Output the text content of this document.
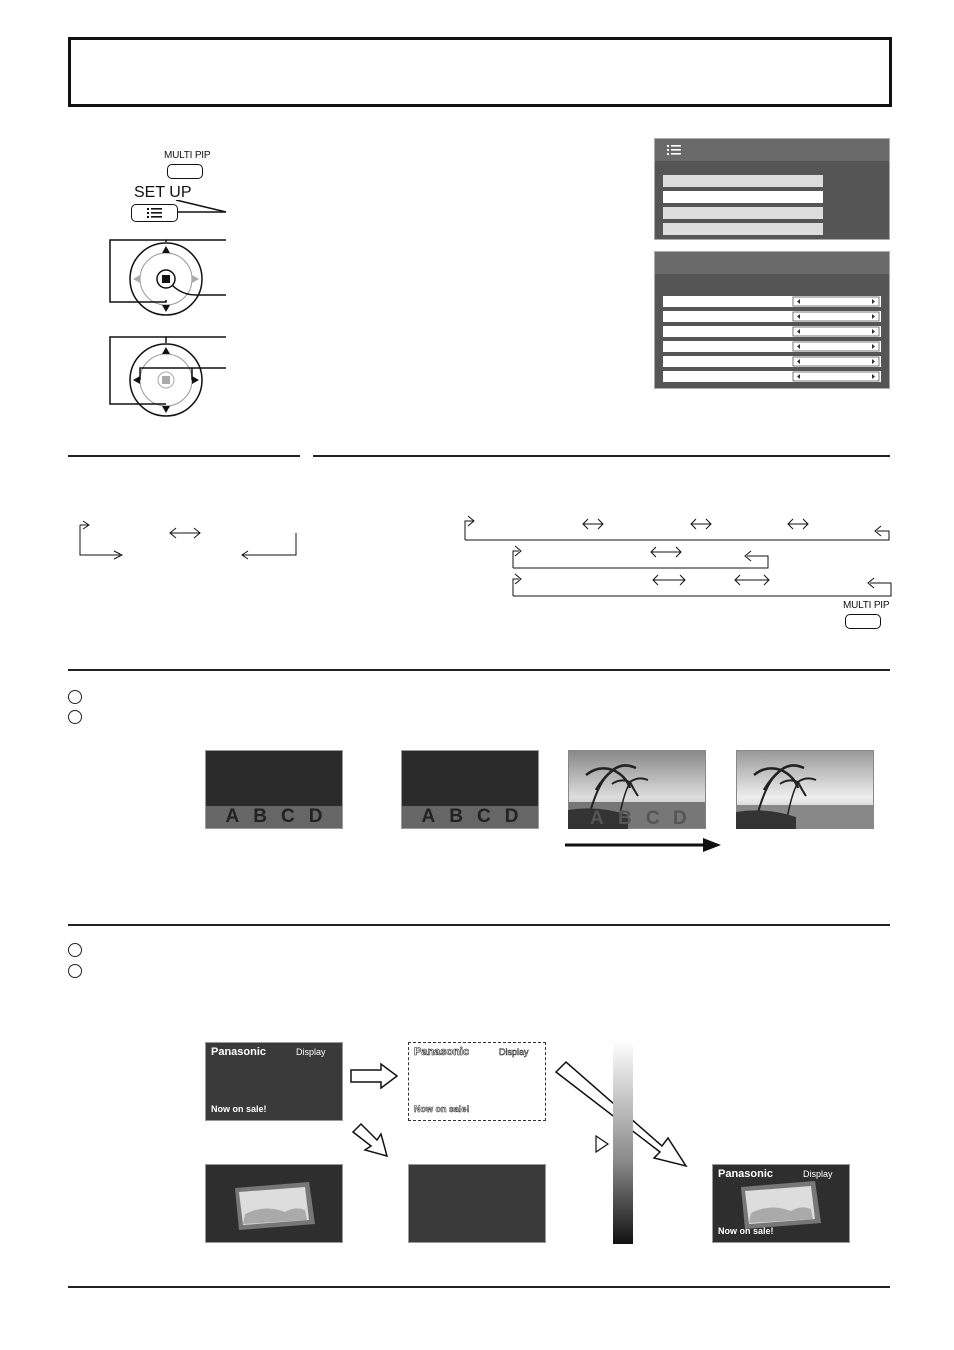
MULTI PIP
SET UP
MULTI PIP
A B C D	A B C D	A B C D
Panasonic	Display
Now on sale!
Panasonic	Display
Now on sale!
Panasonic	Display
Now on sale!
